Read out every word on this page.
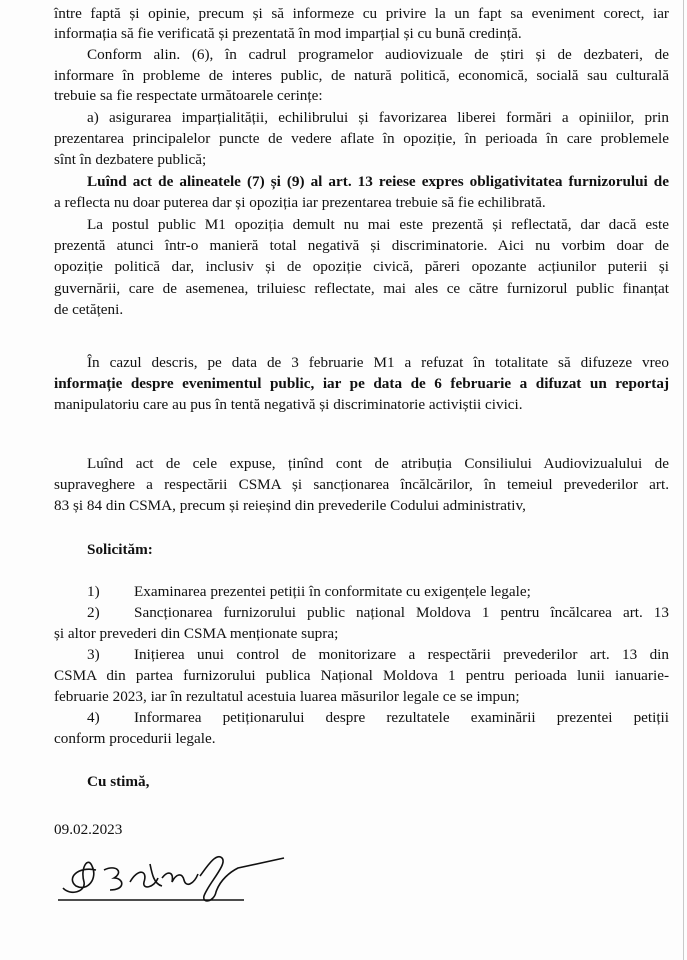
între faptă și opinie, precum și să informeze cu privire la un fapt sa eveniment corect, iar
informația să fie verificată și prezentată în mod imparțial și cu bună credință.
Conform alin. (6), în cadrul programelor audiovizuale de știri și de dezbateri, de
informare în probleme de interes public, de natură politică, economică, socială sau culturală
trebuie sa fie respectate următoarele cerințe:
a) asigurarea imparțialității, echilibrului și favorizarea liberei formări a opiniilor, prin
prezentarea principalelor puncte de vedere aflate în opoziție, în perioada în care problemele
sînt în dezbatere publică;
Luînd act de alineatele (7) și (9) al art. 13 reiese expres obligativitatea furnizorului de
a reflecta nu doar puterea dar și opoziția iar prezentarea trebuie să fie echilibrată.
La postul public M1 opoziția demult nu mai este prezentă și reflectată, dar dacă este
prezentă atunci într-o manieră total negativă și discriminatorie. Aici nu vorbim doar de
opoziție politică dar, inclusiv și de opoziție civică, păreri opozante acțiunilor puterii și
guvernării, care de asemenea, triluiesc reflectate, mai ales ce către furnizorul public finanțat
de cetățeni.
În cazul descris, pe data de 3 februarie M1 a refuzat în totalitate să difuzeze vreo
informație despre evenimentul public, iar pe data de 6 februarie a difuzat un reportaj
manipulatoriu care au pus în tentă negativă și discriminatorie activiștii civici.
Luînd act de cele expuse, ținînd cont de atribuția Consiliului Audiovizualului de
supraveghere a respectării CSMA și sancționarea încălcărilor, în temeiul prevederilor art.
83 și 84 din CSMA, precum și reieșind din prevederile Codului administrativ,
Solicităm:
1) Examinarea prezentei petiții în conformitate cu exigențele legale;
2) Sancționarea furnizorului public național Moldova 1 pentru încălcarea art. 13
și altor prevederi din CSMA menționate supra;
3) Inițierea unui control de monitorizare a respectării prevederilor art. 13 din
CSMA din partea furnizorului publica Național Moldova 1 pentru perioada lunii ianuarie-
februarie 2023, iar în rezultatul acestuia luarea măsurilor legale ce se impun;
4) Informarea petiționarului despre rezultatele examinării prezentei petiții
conform procedurii legale.
Cu stimă,
09.02.2023
